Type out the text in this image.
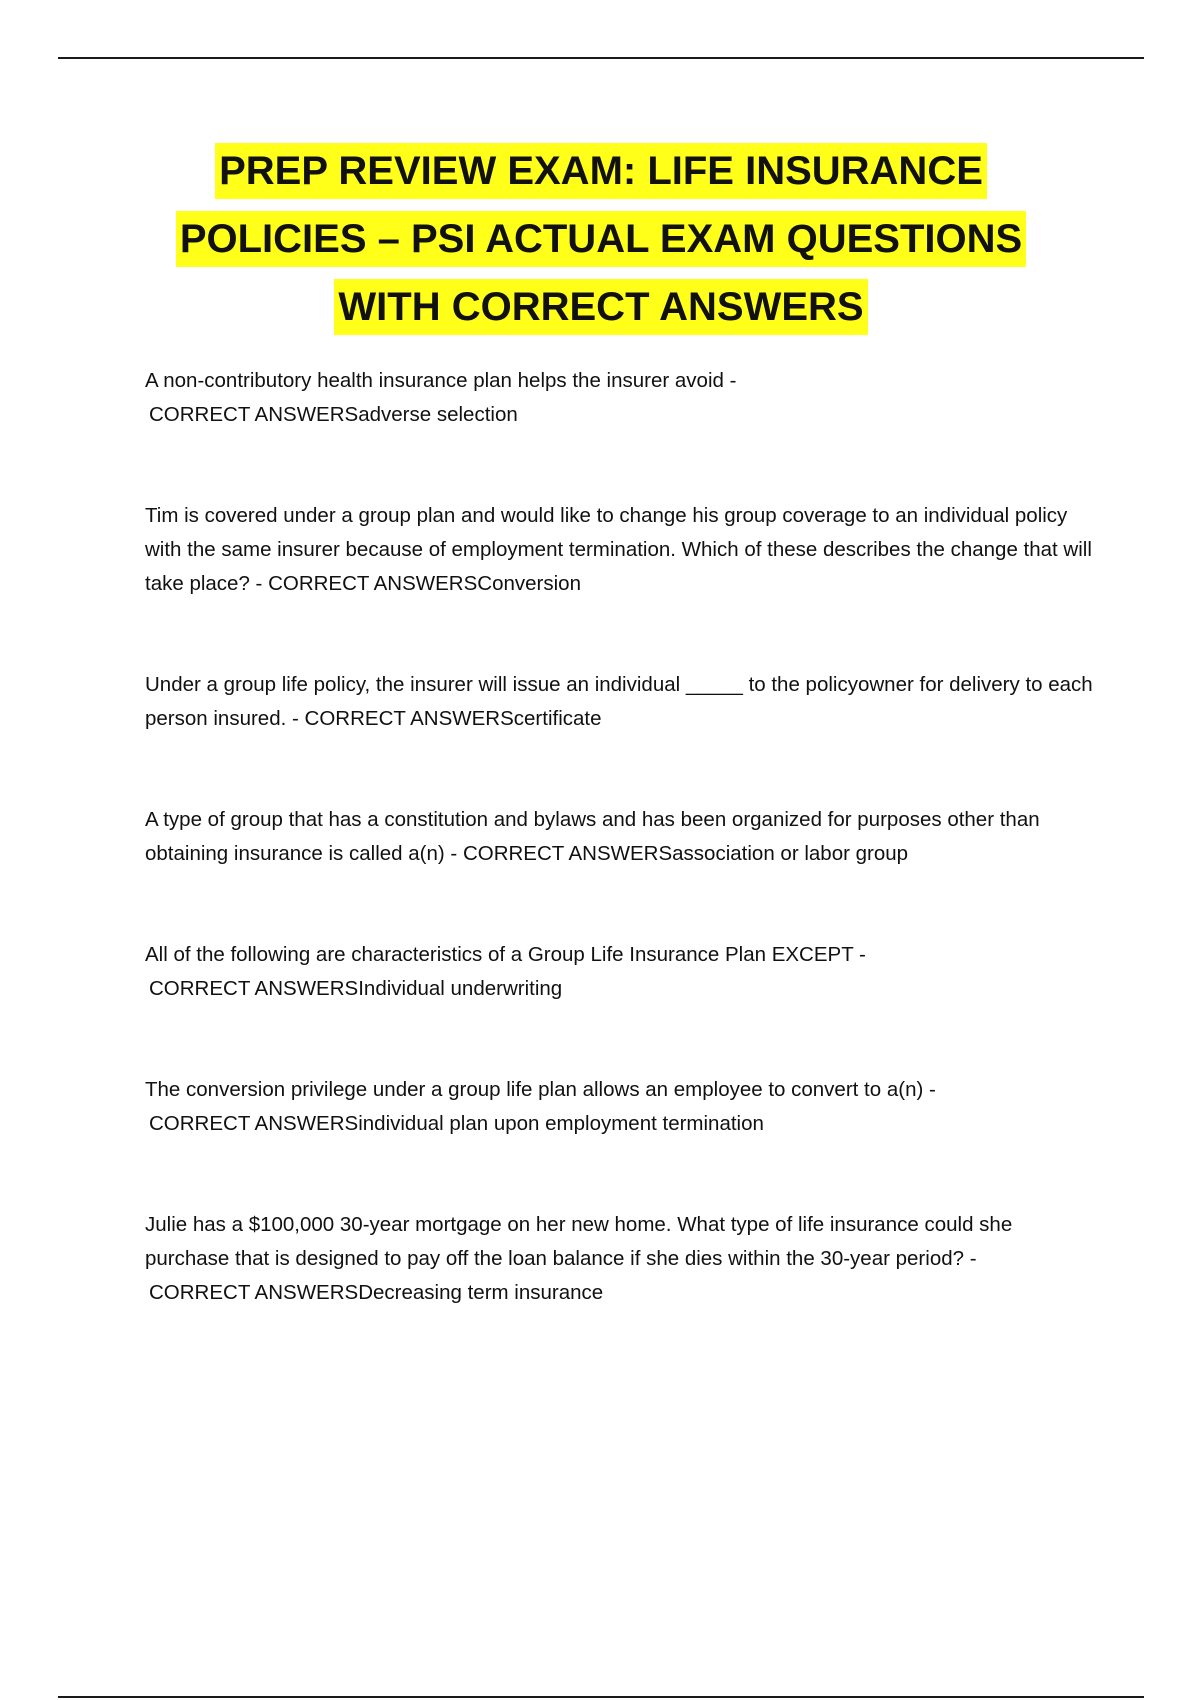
PREP REVIEW EXAM: LIFE INSURANCE
POLICIES – PSI ACTUAL EXAM QUESTIONS
WITH CORRECT ANSWERS
A non-contributory health insurance plan helps the insurer avoid -
CORRECT ANSWERSadverse selection
Tim is covered under a group plan and would like to change his group coverage to an individual policy with the same insurer because of employment termination. Which of these describes the change that will take place? - CORRECT ANSWERSConversion
Under a group life policy, the insurer will issue an individual _____ to the policyowner for delivery to each person insured. - CORRECT ANSWERScertificate
A type of group that has a constitution and bylaws and has been organized for purposes other than obtaining insurance is called a(n) - CORRECT ANSWERSassociation or labor group
All of the following are characteristics of a Group Life Insurance Plan EXCEPT -
CORRECT ANSWERSIndividual underwriting
The conversion privilege under a group life plan allows an employee to convert to a(n) -
CORRECT ANSWERSindividual plan upon employment termination
Julie has a $100,000 30-year mortgage on her new home. What type of life insurance could she purchase that is designed to pay off the loan balance if she dies within the 30-year period? -
CORRECT ANSWERSDecreasing term insurance
